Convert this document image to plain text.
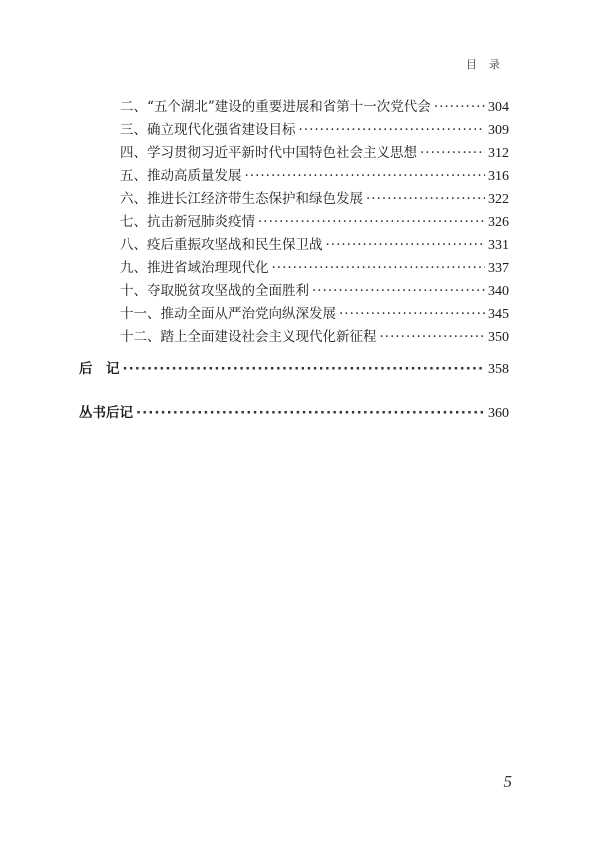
目录
二、“五个湖北”建设的重要进展和省第十一次党代会 ·····	304
三、确立现代化强省建设目标 ·····	309
四、学习贯彻习近平新时代中国特色社会主义思想 ·····	312
五、推动高质量发展 ·····	316
六、推进长江经济带生态保护和绿色发展 ·····	322
七、抗击新冠肺炎疫情 ·····	326
八、疫后重振攻坚战和民生保卫战 ·····	331
九、推进省域治理现代化 ·····	337
十、夺取脱贫攻坚战的全面胜利 ·····	340
十一、推动全面从严治党向纵深发展 ·····	345
十二、踏上全面建设社会主义现代化新征程 ·····	350
后　记 ·····	358
丛书后记 ·····	360
5
